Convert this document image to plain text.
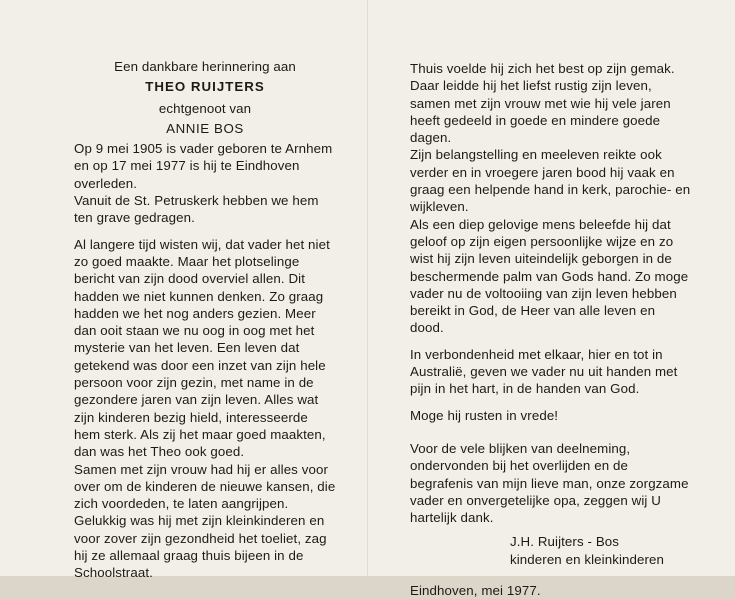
Een dankbare herinnering aan
THEO RUIJTERS
echtgenoot van
ANNIE BOS

Op 9 mei 1905 is vader geboren te Arnhem en op 17 mei 1977 is hij te Eindhoven overleden.

Vanuit de St. Petruskerk hebben we hem ten grave gedragen.

Al langere tijd wisten wij, dat vader het niet zo goed maakte. Maar het plotselinge bericht van zijn dood overviel allen. Dit hadden we niet kunnen denken. Zo graag hadden we het nog anders gezien. Meer dan ooit staan we nu oog in oog met het mysterie van het leven. Een leven dat getekend was door een inzet van zijn hele persoon voor zijn gezin, met name in de gezondere jaren van zijn leven. Alles wat zijn kinderen bezig hield, interesseerde hem sterk. Als zij het maar goed maakten, dan was het Theo ook goed.

Samen met zijn vrouw had hij er alles voor over om de kinderen de nieuwe kansen, die zich voordeden, te laten aangrijpen.

Gelukkig was hij met zijn kleinkinderen en voor zover zijn gezondheid het toeliet, zag hij ze allemaal graag thuis bijeen in de Schoolstraat.

Thuis voelde hij zich het best op zijn gemak. Daar leidde hij het liefst rustig zijn leven, samen met zijn vrouw met wie hij vele jaren heeft gedeeld in goede en mindere goede dagen.

Zijn belangstelling en meeleven reikte ook verder en in vroegere jaren bood hij vaak en graag een helpende hand in kerk, parochie- en wijkleven.

Als een diep gelovige mens beleefde hij dat geloof op zijn eigen persoonlijke wijze en zo wist hij zijn leven uiteindelijk geborgen in de beschermende palm van Gods hand. Zo moge vader nu de voltooiing van zijn leven hebben bereikt in God, de Heer van alle leven en dood.

In verbondenheid met elkaar, hier en tot in Australië, geven we vader nu uit handen met pijn in het hart, in de handen van God.

Moge hij rusten in vrede!

Voor de vele blijken van deelneming, ondervonden bij het overlijden en de begrafenis van mijn lieve man, onze zorgzame vader en onvergetelijke opa, zeggen wij U hartelijk dank.

J.H. Ruijters - Bos
kinderen en kleinkinderen
Eindhoven, mei 1977.
